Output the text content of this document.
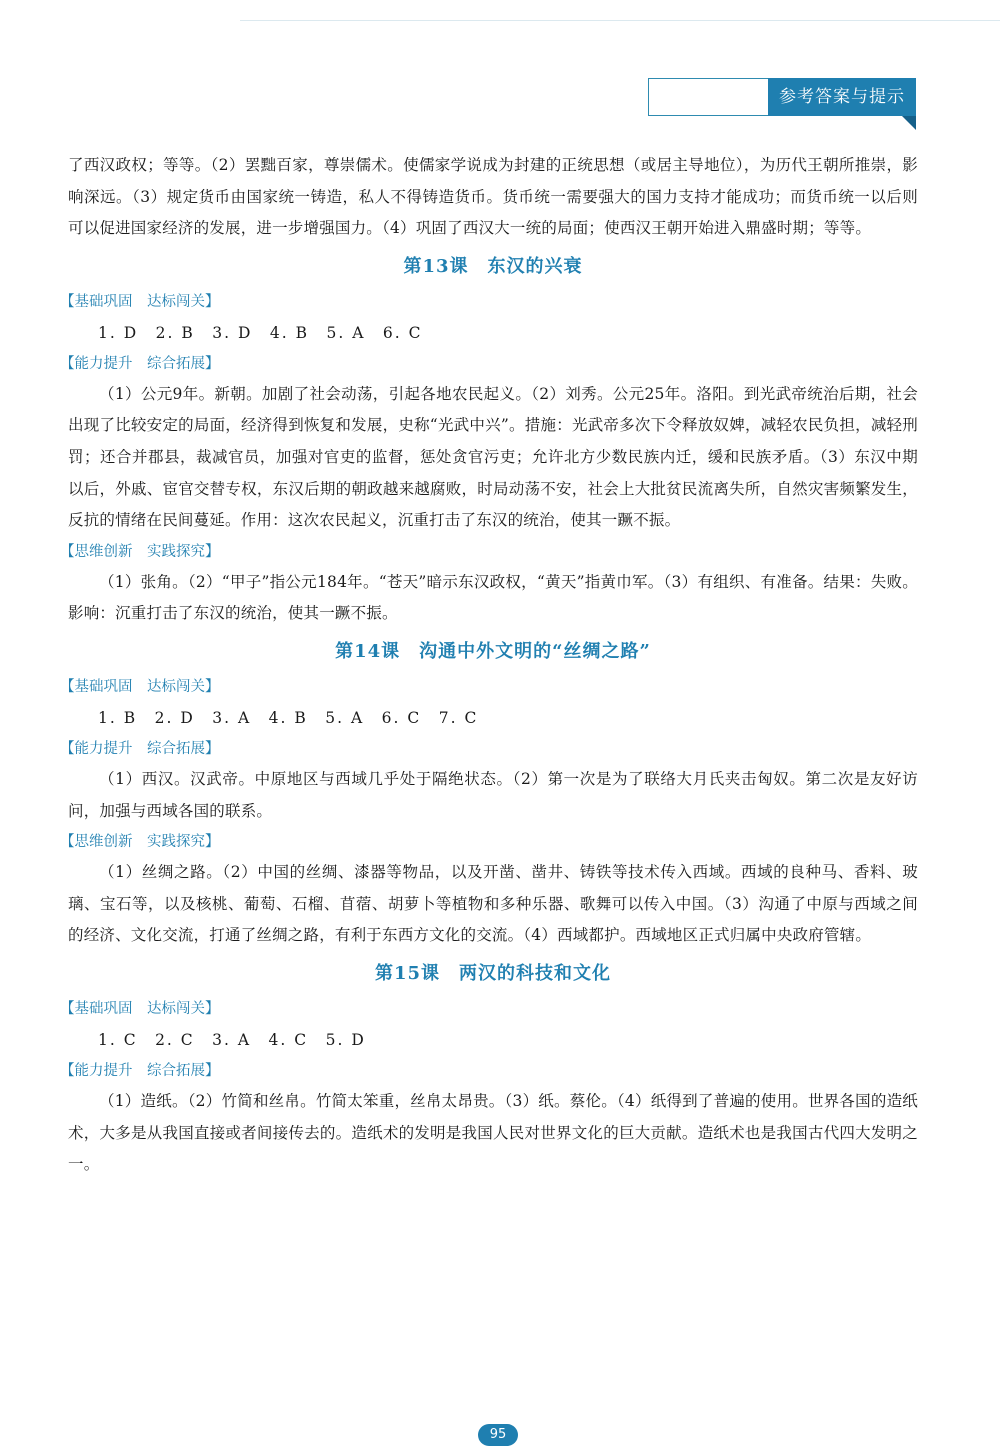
参考答案与提示

了西汉政权；等等。（2）罢黜百家，尊崇儒术。使儒家学说成为封建的正统思想（或居主导地位），为历代王朝所推崇，影响深远。（3）规定货币由国家统一铸造，私人不得铸造货币。货币统一需要强大的国力支持才能成功；而货币统一以后则可以促进国家经济的发展，进一步增强国力。（4）巩固了西汉大一统的局面；使西汉王朝开始进入鼎盛时期；等等。

第13课　东汉的兴衰
【基础巩固　达标闯关】
1. D　2. B　3. D　4. B　5. A　6. C
【能力提升　综合拓展】

（1）公元9年。新朝。加剧了社会动荡，引起各地农民起义。（2）刘秀。公元25年。洛阳。到光武帝统治后期，社会出现了比较安定的局面，经济得到恢复和发展，史称“光武中兴”。措施：光武帝多次下令释放奴婢，减轻农民负担，减轻刑罚；还合并郡县，裁减官员，加强对官吏的监督，惩处贪官污吏；允许北方少数民族内迁，缓和民族矛盾。（3）东汉中期以后，外戚、宦官交替专权，东汉后期的朝政越来越腐败，时局动荡不安，社会上大批贫民流离失所，自然灾害频繁发生，反抗的情绪在民间蔓延。作用：这次农民起义，沉重打击了东汉的统治，使其一蹶不振。

【思维创新　实践探究】

（1）张角。（2）“甲子”指公元184年。“苍天”暗示东汉政权，“黄天”指黄巾军。（3）有组织、有准备。结果：失败。影响：沉重打击了东汉的统治，使其一蹶不振。

第14课　沟通中外文明的“丝绸之路”
【基础巩固　达标闯关】
1. B　2. D　3. A　4. B　5. A　6. C　7. C
【能力提升　综合拓展】

（1）西汉。汉武帝。中原地区与西域几乎处于隔绝状态。（2）第一次是为了联络大月氏夹击匈奴。第二次是友好访问，加强与西域各国的联系。

【思维创新　实践探究】

（1）丝绸之路。（2）中国的丝绸、漆器等物品，以及开凿、凿井、铸铁等技术传入西域。西域的良种马、香料、玻璃、宝石等，以及核桃、葡萄、石榴、苜蓿、胡萝卜等植物和多种乐器、歌舞可以传入中国。（3）沟通了中原与西域之间的经济、文化交流，打通了丝绸之路，有利于东西方文化的交流。（4）西域都护。西域地区正式归属中央政府管辖。

第15课　两汉的科技和文化
【基础巩固　达标闯关】
1. C　2. C　3. A　4. C　5. D
【能力提升　综合拓展】

（1）造纸。（2）竹简和丝帛。竹简太笨重，丝帛太昂贵。（3）纸。蔡伦。（4）纸得到了普遍的使用。世界各国的造纸术，大多是从我国直接或者间接传去的。造纸术的发明是我国人民对世界文化的巨大贡献。造纸术也是我国古代四大发明之一。

95
